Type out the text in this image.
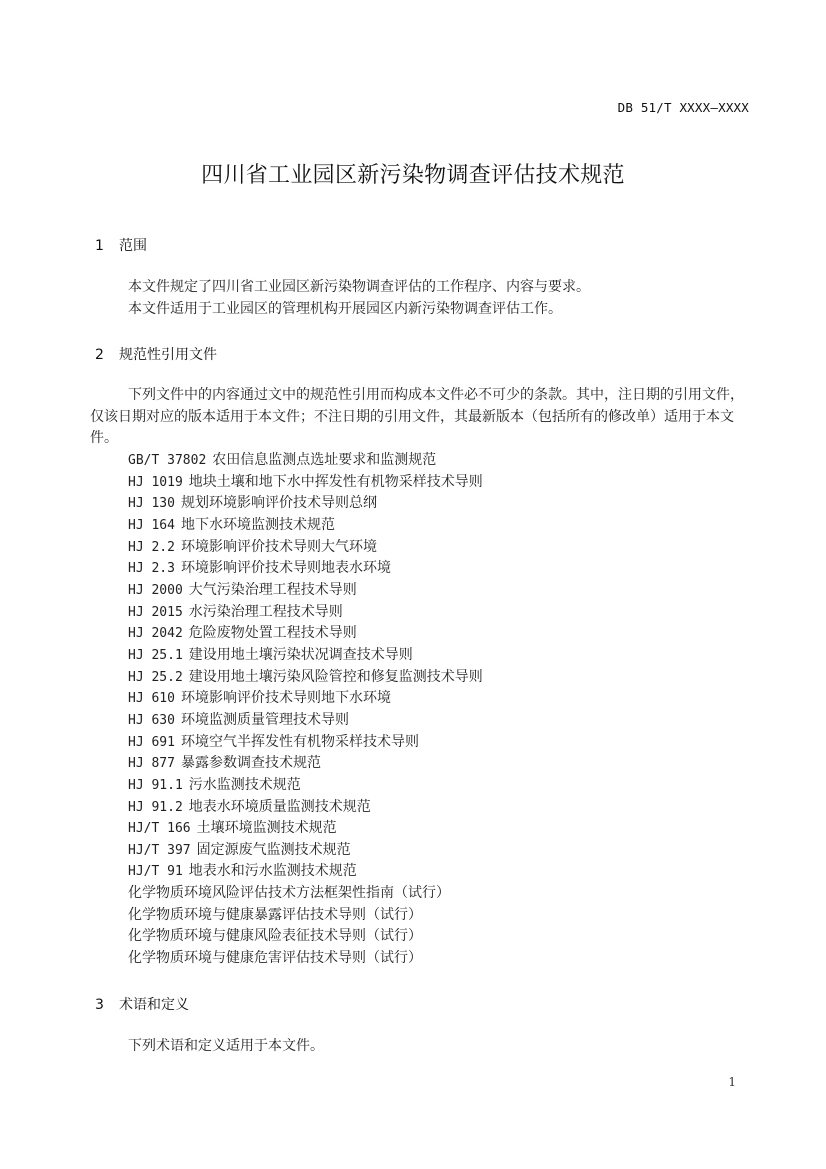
DB 51/T XXXX—XXXX
四川省工业园区新污染物调查评估技术规范
1 范围
本文件规定了四川省工业园区新污染物调查评估的工作程序、内容与要求。
本文件适用于工业园区的管理机构开展园区内新污染物调查评估工作。
2 规范性引用文件
下列文件中的内容通过文中的规范性引用而构成本文件必不可少的条款。其中，注日期的引用文件，仅该日期对应的版本适用于本文件；不注日期的引用文件，其最新版本（包括所有的修改单）适用于本文件。
GB/T 37802 农田信息监测点选址要求和监测规范
HJ 1019 地块土壤和地下水中挥发性有机物采样技术导则
HJ 130 规划环境影响评价技术导则总纲
HJ 164 地下水环境监测技术规范
HJ 2.2 环境影响评价技术导则大气环境
HJ 2.3 环境影响评价技术导则地表水环境
HJ 2000 大气污染治理工程技术导则
HJ 2015 水污染治理工程技术导则
HJ 2042 危险废物处置工程技术导则
HJ 25.1 建设用地土壤污染状况调查技术导则
HJ 25.2 建设用地土壤污染风险管控和修复监测技术导则
HJ 610 环境影响评价技术导则地下水环境
HJ 630 环境监测质量管理技术导则
HJ 691 环境空气半挥发性有机物采样技术导则
HJ 877 暴露参数调查技术规范
HJ 91.1 污水监测技术规范
HJ 91.2 地表水环境质量监测技术规范
HJ/T 166 土壤环境监测技术规范
HJ/T 397 固定源废气监测技术规范
HJ/T 91 地表水和污水监测技术规范
化学物质环境风险评估技术方法框架性指南（试行）
化学物质环境与健康暴露评估技术导则（试行）
化学物质环境与健康风险表征技术导则（试行）
化学物质环境与健康危害评估技术导则（试行）
3 术语和定义
下列术语和定义适用于本文件。
1
